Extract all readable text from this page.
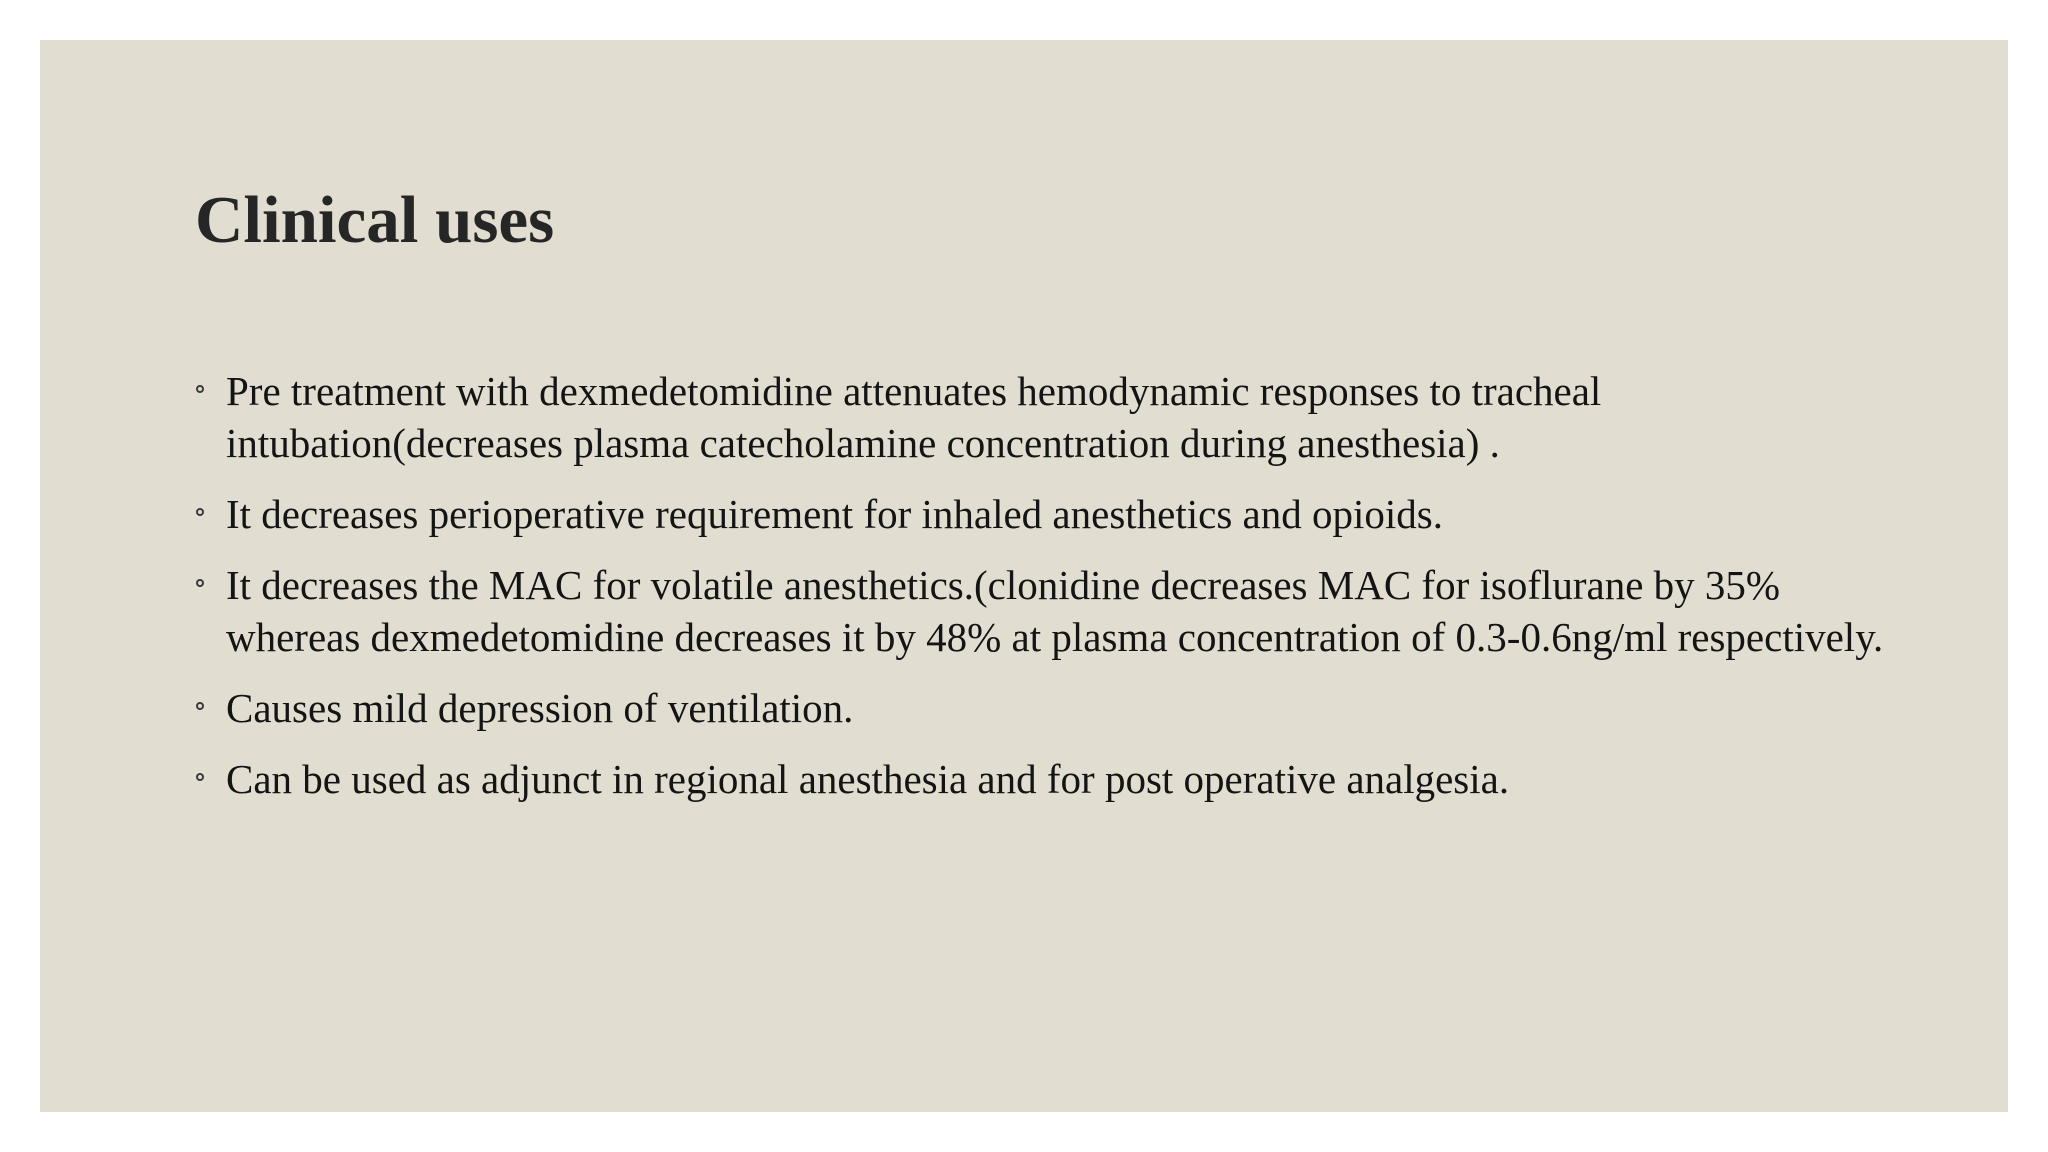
Clinical uses
Pre treatment with dexmedetomidine attenuates hemodynamic responses to tracheal intubation(decreases plasma catecholamine concentration during anesthesia) .
It decreases perioperative requirement for inhaled anesthetics and opioids.
It decreases the MAC for volatile anesthetics.(clonidine decreases MAC for isoflurane by 35% whereas dexmedetomidine decreases it by 48% at plasma concentration of 0.3-0.6ng/ml respectively.
Causes mild depression of ventilation.
Can be used as adjunct in regional anesthesia and for post operative analgesia.
